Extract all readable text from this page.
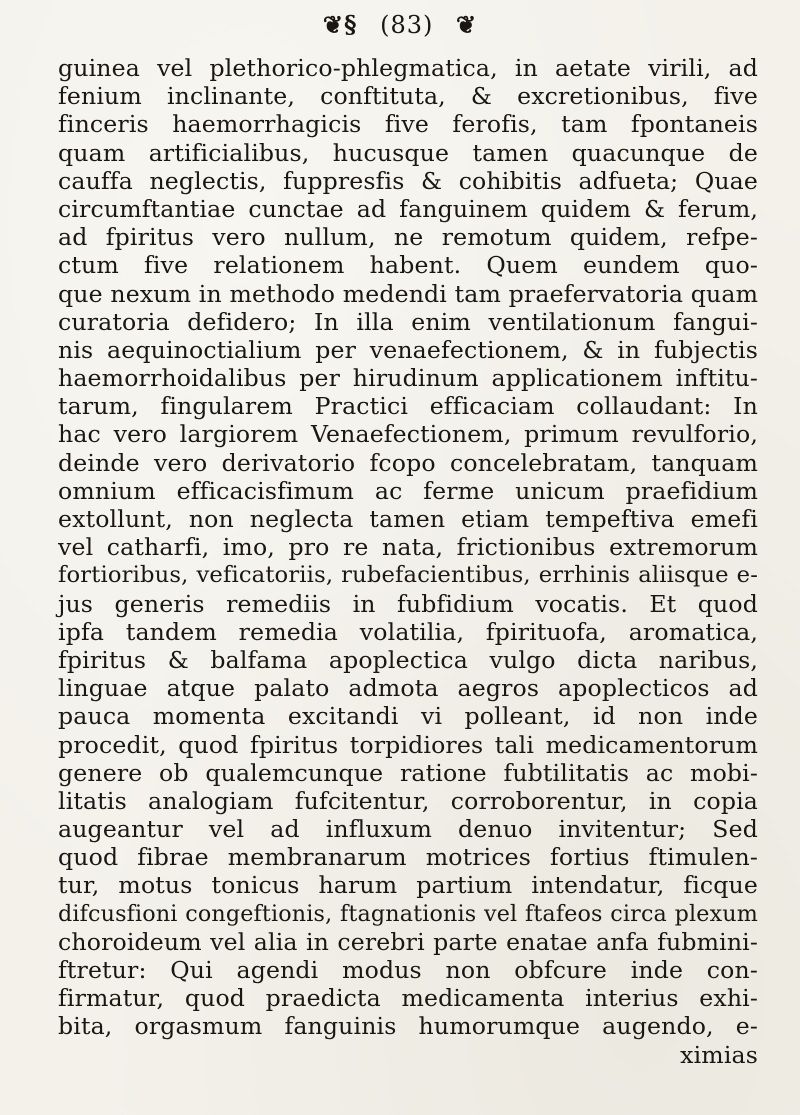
❦§ (83) ❦
guinea vel plethorico-phlegmatica, in aetate virili, ad
fenium inclinante, conftituta, & excretionibus, five
finceris haemorrhagicis five ferofis, tam fpontaneis
quam artificialibus, hucusque tamen quacunque de
cauffa neglectis, fuppresfis & cohibitis adfueta; Quae
circumftantiae cunctae ad fanguinem quidem & ferum,
ad fpiritus vero nullum, ne remotum quidem, refpe-
ctum five relationem habent. Quem eundem quo-
que nexum in methodo medendi tam praefervatoria quam
curatoria defidero; In illa enim ventilationum fangui-
nis aequinoctialium per venaefectionem, & in fubjectis
haemorrhoidalibus per hirudinum applicationem inftitu-
tarum, fingularem Practici efficaciam collaudant: In
hac vero largiorem Venaefectionem, primum revulforio,
deinde vero derivatorio fcopo concelebratam, tanquam
omnium efficacisfimum ac ferme unicum praefidium
extollunt, non neglecta tamen etiam tempeftiva emefi
vel catharfi, imo, pro re nata, frictionibus extremorum
fortioribus, veficatoriis, rubefacientibus, errhinis aliisque e-
jus generis remediis in fubfidium vocatis. Et quod
ipfa tandem remedia volatilia, fpirituofa, aromatica,
fpiritus & balfama apoplectica vulgo dicta naribus,
linguae atque palato admota aegros apoplecticos ad
pauca momenta excitandi vi polleant, id non inde
procedit, quod fpiritus torpidiores tali medicamentorum
genere ob qualemcunque ratione fubtilitatis ac mobi-
litatis analogiam fufcitentur, corroborentur, in copia
augeantur vel ad influxum denuo invitentur; Sed
quod fibrae membranarum motrices fortius ftimulen-
tur, motus tonicus harum partium intendatur, ficque
difcusfioni congeftionis, ftagnationis vel ftafeos circa plexum
choroideum vel alia in cerebri parte enatae anfa fubmini-
ftretur: Qui agendi modus non obfcure inde con-
firmatur, quod praedicta medicamenta interius exhi-
bita, orgasmum fanguinis humorumque augendo, e-
ximias
